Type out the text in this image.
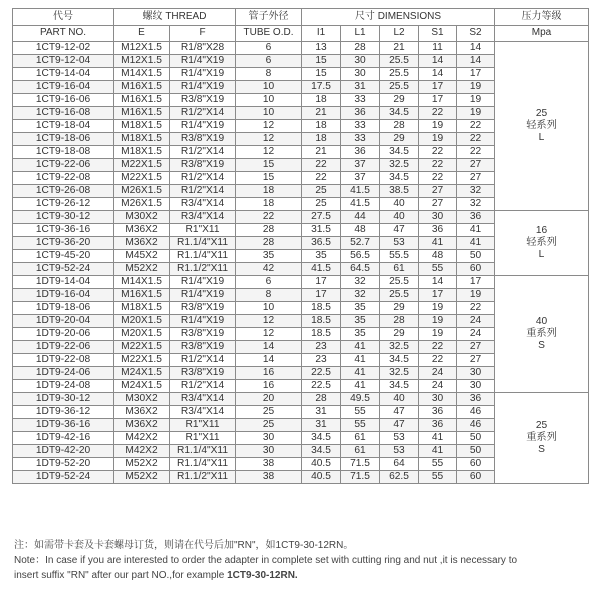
代号	螺纹 THREAD		管子外径	尺寸 DIMENSIONS					压力等级
PART NO.	E	F	TUBE O.D.	I1	L1	L2	S1	S2	Mpa
1CT9-12-02	M12X1.5	R1/8"X28	6	13	28	21	11	14	25
轻系列
L

1CT9-12-04	M12X1.5	R1/4"X19	6	15	30	25.5	14	14	
1CT9-14-04	M14X1.5	R1/4"X19	8	15	30	25.5	14	17	
1CT9-16-04	M16X1.5	R1/4"X19	10	17.5	31	25.5	17	19	
1CT9-16-06	M16X1.5	R3/8"X19	10	18	33	29	17	19	
1CT9-16-08	M16X1.5	R1/2"X14	10	21	36	34.5	22	19	
1CT9-18-04	M18X1.5	R1/4"X19	12	18	33	28	19	22	
1CT9-18-06	M18X1.5	R3/8"X19	12	18	33	29	19	22	
1CT9-18-08	M18X1.5	R1/2"X14	12	21	36	34.5	22	22	
1CT9-22-06	M22X1.5	R3/8"X19	15	22	37	32.5	22	27	
1CT9-22-08	M22X1.5	R1/2"X14	15	22	37	34.5	22	27	
1CT9-26-08	M26X1.5	R1/2"X14	18	25	41.5	38.5	27	32	
1CT9-26-12	M26X1.5	R3/4"X14	18	25	41.5	40	27	32	
1CT9-30-12	M30X2	R3/4"X14	22	27.5	44	40	30	36	16
轻系列
L

1CT9-36-16	M36X2	R1"X11	28	31.5	48	47	36	41	
1CT9-36-20	M36X2	R1.1/4"X11	28	36.5	52.7	53	41	41	
1CT9-45-20	M45X2	R1.1/4"X11	35	35	56.5	55.5	48	50	
1CT9-52-24	M52X2	R1.1/2"X11	42	41.5	64.5	61	55	60	
1DT9-14-04	M14X1.5	R1/4"X19	6	17	32	25.5	14	17	40
重系列
S

1DT9-16-04	M16X1.5	R1/4"X19	8	17	32	25.5	17	19	
1DT9-18-06	M18X1.5	R3/8"X19	10	18.5	35	29	19	22	
1DT9-20-04	M20X1.5	R1/4"X19	12	18.5	35	28	19	24	
1DT9-20-06	M20X1.5	R3/8"X19	12	18.5	35	29	19	24	
1DT9-22-06	M22X1.5	R3/8"X19	14	23	41	32.5	22	27	
1DT9-22-08	M22X1.5	R1/2"X14	14	23	41	34.5	22	27	
1DT9-24-06	M24X1.5	R3/8"X19	16	22.5	41	32.5	24	30	
1DT9-24-08	M24X1.5	R1/2"X14	16	22.5	41	34.5	24	30	
1DT9-30-12	M30X2	R3/4"X14	20	28	49.5	40	30	36	25
重系列
S

1DT9-36-12	M36X2	R3/4"X14	25	31	55	47	36	46	
1DT9-36-16	M36X2	R1"X11	25	31	55	47	36	46	
1DT9-42-16	M42X2	R1"X11	30	34.5	61	53	41	50	
1DT9-42-20	M42X2	R1.1/4"X11	30	34.5	61	53	41	50	
1DT9-52-20	M52X2	R1.1/4"X11	38	40.5	71.5	64	55	60	
1DT9-52-24	M52X2	R1.1/2"X11	38	40.5	71.5	62.5	55	60	
注：如需带卡套及卡套螺母订货，则请在代号后加"RN"，如1CT9-30-12RN。
Note：In case if you are interested to order the adapter in complete set with cutting ring and nut ,it is necessary to
insert suffix "RN" after our part NO.,for example 1CT9-30-12RN.
